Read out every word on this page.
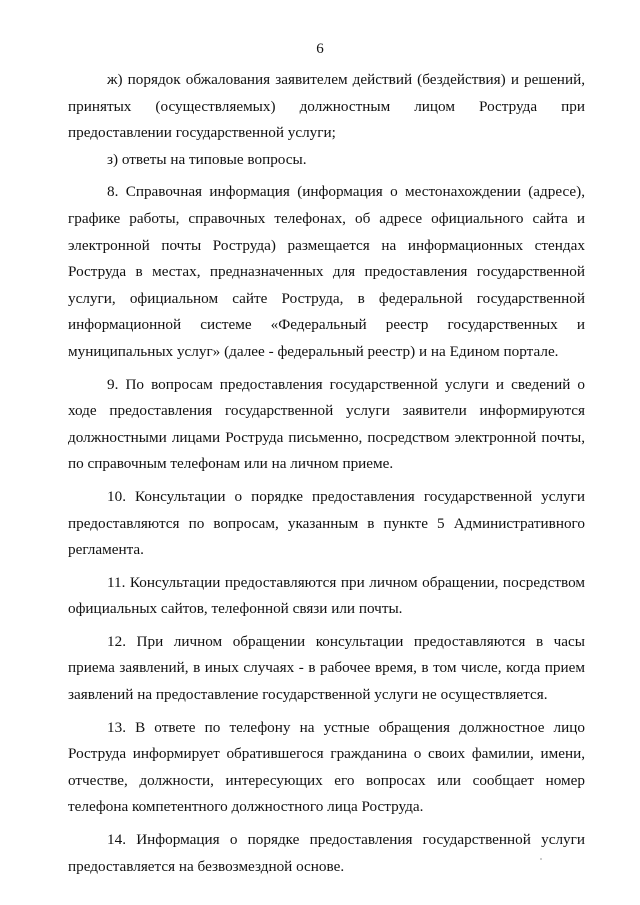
6

ж) порядок обжалования заявителем действий (бездействия) и решений, принятых (осуществляемых) должностным лицом Роструда при предоставлении государственной услуги;

з) ответы на типовые вопросы.

8. Справочная информация (информация о местонахождении (адресе), графике работы, справочных телефонах, об адресе официального сайта и электронной почты Роструда) размещается на информационных стендах Роструда в местах, предназначенных для предоставления государственной услуги, официальном сайте Роструда, в федеральной государственной информационной системе «Федеральный реестр государственных и муниципальных услуг» (далее - федеральный реестр) и на Едином портале.

9. По вопросам предоставления государственной услуги и сведений о ходе предоставления государственной услуги заявители информируются должностными лицами Роструда письменно, посредством электронной почты, по справочным телефонам или на личном приеме.

10. Консультации о порядке предоставления государственной услуги предоставляются по вопросам, указанным в пункте 5 Административного регламента.

11. Консультации предоставляются при личном обращении, посредством официальных сайтов, телефонной связи или почты.

12. При личном обращении консультации предоставляются в часы приема заявлений, в иных случаях - в рабочее время, в том числе, когда прием заявлений на предоставление государственной услуги не осуществляется.

13. В ответе по телефону на устные обращения должностное лицо Роструда информирует обратившегося гражданина о своих фамилии, имени, отчестве, должности, интересующих его вопросах или сообщает номер телефона компетентного должностного лица Роструда.

14. Информация о порядке предоставления государственной услуги предоставляется на безвозмездной основе.
